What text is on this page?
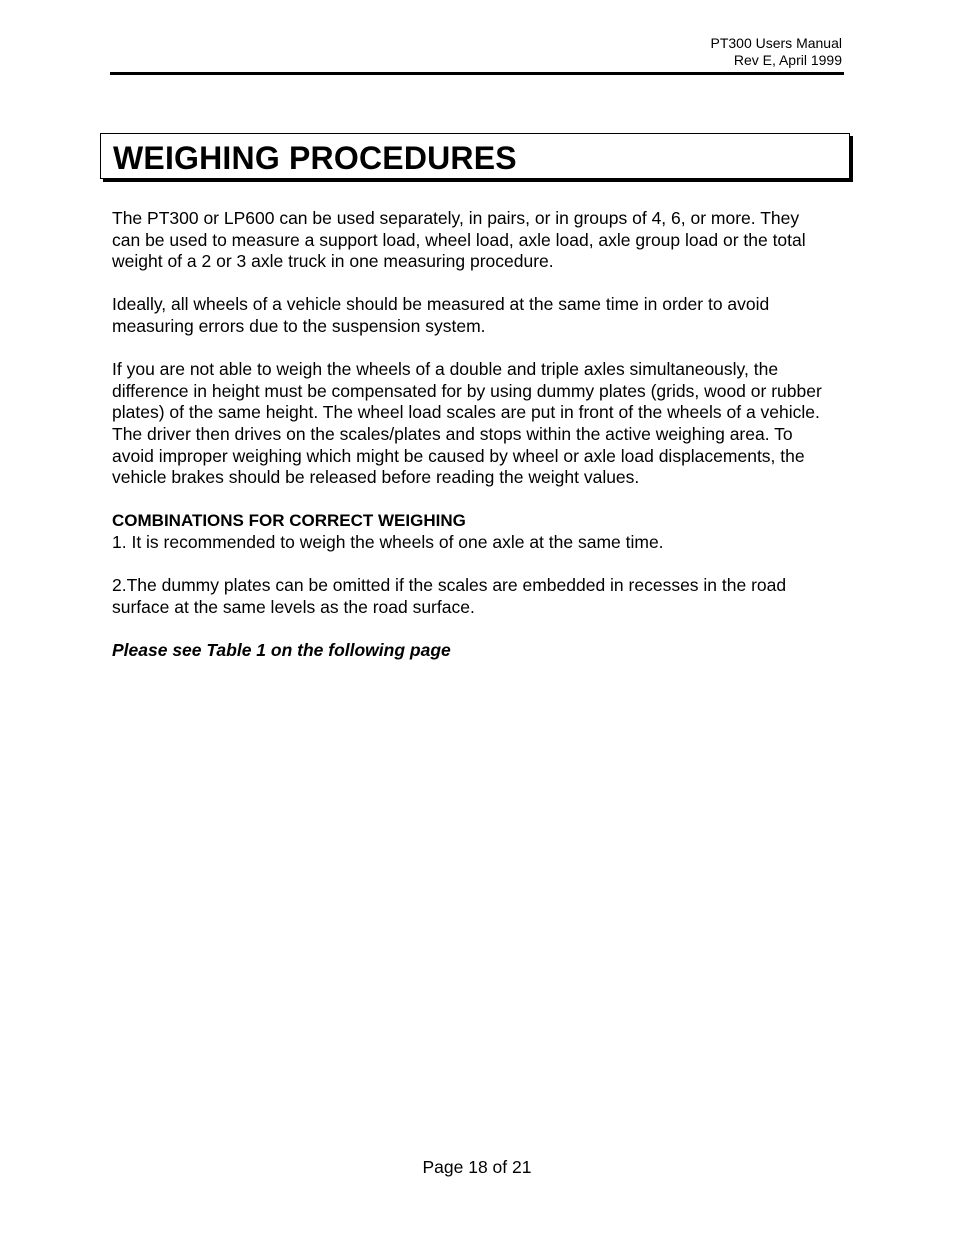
PT300 Users Manual
Rev E, April 1999
WEIGHING PROCEDURES

The PT300 or LP600 can be used separately, in pairs, or in groups of 4, 6, or more. They can be used to measure a support load, wheel load, axle load, axle group load or the total weight of a 2 or 3 axle truck in one measuring procedure.

Ideally, all wheels of a vehicle should be measured at the same time in order to avoid measuring errors due to the suspension system.

If you are not able to weigh the wheels of a double and triple axles simultaneously, the difference in height must be compensated for by using dummy plates (grids, wood or rubber plates) of the same height. The wheel load scales are put in front of the wheels of a vehicle. The driver then drives on the scales/plates and stops within the active weighing area. To avoid improper weighing which might be caused by wheel or axle load displacements, the vehicle brakes should be released before reading the weight values.

COMBINATIONS FOR CORRECT WEIGHING

1. It is recommended to weigh the wheels of one axle at the same time.

2.The dummy plates can be omitted if the scales are embedded in recesses in the road surface at the same levels as the road surface.

Please see Table 1 on the following page

Page 18 of 21
